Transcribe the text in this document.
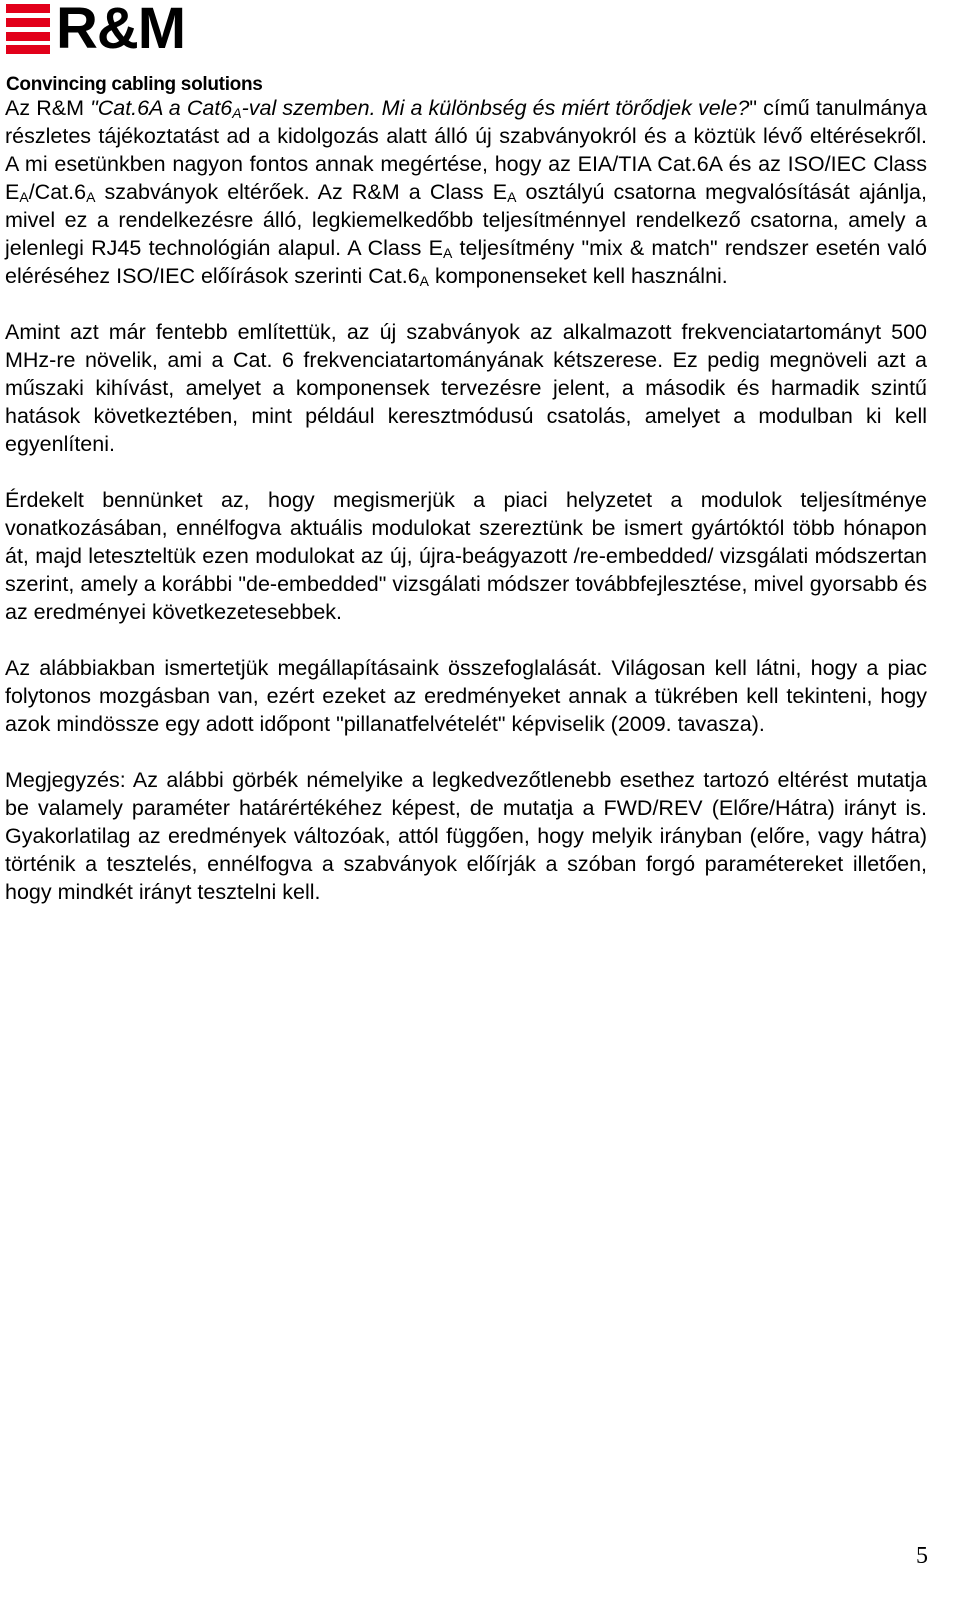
R&M
Convincing cabling solutions

Az R&M "Cat.6A a $Cat6_A$-val szemben. Mi a különbség és miért törődjek vele?" című tanulmánya részletes tájékoztatást ad a kidolgozás alatt álló új szabványokról és a köztük lévő eltérésekről. A mi esetünkben nagyon fontos annak megértése, hogy az EIA/TIA Cat.6A és az ISO/IEC Class $E_A/Cat.6_A$ szabványok eltérőek. Az R&M a Class $E_A$ osztályú csatorna megvalósítását ajánlja, mivel ez a rendelkezésre álló, legkiemelkedőbb teljesítménnyel rendelkező csatorna, amely a jelenlegi RJ45 technológián alapul. A Class $E_A$ teljesítmény "mix & match" rendszer esetén való eléréséhez ISO/IEC előírások szerinti $Cat.6_A$ komponenseket kell használni.

Amint azt már fentebb említettük, az új szabványok az alkalmazott frekvenciatartományt 500 MHz-re növelik, ami a Cat. 6 frekvenciatartományának kétszerese. Ez pedig megnöveli azt a műszaki kihívást, amelyet a komponensek tervezésre jelent, a második és harmadik szintű hatások következtében, mint például keresztmódusú csatolás, amelyet a modulban ki kell egyenlíteni.

Érdekelt bennünket az, hogy megismerjük a piaci helyzetet a modulok teljesítménye vonatkozásában, ennélfogva aktuális modulokat szereztünk be ismert gyártóktól több hónapon át, majd leteszteltük ezen modulokat az új, újra-beágyazott /re-embedded/ vizsgálati módszertan szerint, amely a korábbi "de-embedded" vizsgálati módszer továbbfejlesztése, mivel gyorsabb és az eredményei következetesebbek.

Az alábbiakban ismertetjük megállapításaink összefoglalását. Világosan kell látni, hogy a piac folytonos mozgásban van, ezért ezeket az eredményeket annak a tükrében kell tekinteni, hogy azok mindössze egy adott időpont "pillanatfelvételét" képviselik (2009. tavasza).

Megjegyzés: Az alábbi görbék némelyike a legkedvezőtlenebb esethez tartozó eltérést mutatja be valamely paraméter határértékéhez képest, de mutatja a FWD/REV (Előre/Hátra) irányt is. Gyakorlatilag az eredmények változóak, attól függően, hogy melyik irányban (előre, vagy hátra) történik a tesztelés, ennélfogva a szabványok előírják a szóban forgó paramétereket illetően, hogy mindkét irányt tesztelni kell.

5
